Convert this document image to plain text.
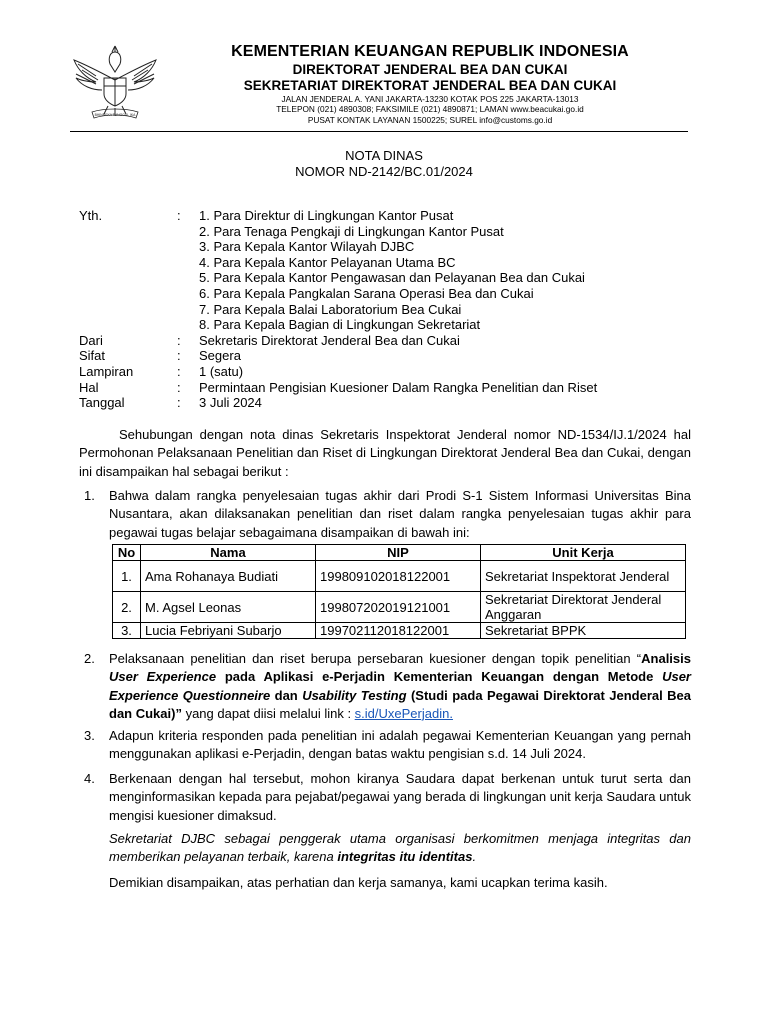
BHINNEKA TUNGGAL IKA
KEMENTERIAN KEUANGAN REPUBLIK INDONESIA
DIREKTORAT JENDERAL BEA DAN CUKAI
SEKRETARIAT DIREKTORAT JENDERAL BEA DAN CUKAI
JALAN JENDERAL A. YANI JAKARTA-13230 KOTAK POS 225 JAKARTA-13013
TELEPON (021) 4890308; FAKSIMILE (021) 4890871; LAMAN www.beacukai.go.id
PUSAT KONTAK LAYANAN 1500225; SUREL info@customs.go.id
NOTA DINAS
NOMOR ND-2142/BC.01/2024
Yth.	:	1. Para Direktur di Lingkungan Kantor Pusat
2. Para Tenaga Pengkaji di Lingkungan Kantor Pusat
3. Para Kepala Kantor Wilayah DJBC
4. Para Kepala Kantor Pelayanan Utama BC
5. Para Kepala Kantor Pengawasan dan Pelayanan Bea dan Cukai
6. Para Kepala Pangkalan Sarana Operasi Bea dan Cukai
7. Para Kepala Balai Laboratorium Bea Cukai
8. Para Kepala Bagian di Lingkungan Sekretariat
Dari	:	Sekretaris Direktorat Jenderal Bea dan Cukai
Sifat	:	Segera
Lampiran	:	1 (satu)
Hal	:	Permintaan Pengisian Kuesioner Dalam Rangka Penelitian dan Riset
Tanggal	:	3 Juli 2024
Sehubungan dengan nota dinas Sekretaris Inspektorat Jenderal nomor ND-1534/IJ.1/2024 hal Permohonan Pelaksanaan Penelitian dan Riset di Lingkungan Direktorat Jenderal Bea dan Cukai, dengan ini disampaikan hal sebagai berikut :
1.	Bahwa dalam rangka penyelesaian tugas akhir dari Prodi S-1 Sistem Informasi Universitas Bina Nusantara, akan dilaksanakan penelitian dan riset dalam rangka penyelesaian tugas akhir para pegawai tugas belajar sebagaimana disampaikan di bawah ini:
No	Nama	NIP	Unit Kerja
1.	Ama Rohanaya Budiati	199809102018122001	Sekretariat Inspektorat Jenderal
2.	M. Agsel Leonas	199807202019121001	Sekretariat Direktorat Jenderal Anggaran
3.	Lucia Febriyani Subarjo	199702112018122001	Sekretariat BPPK
2.	Pelaksanaan penelitian dan riset berupa persebaran kuesioner dengan topik penelitian “Analisis User Experience pada Aplikasi e-Perjadin Kementerian Keuangan dengan Metode User Experience Questionneire dan Usability Testing (Studi pada Pegawai Direktorat Jenderal Bea dan Cukai)” yang dapat diisi melalui link : s.id/UxePerjadin.
3.	Adapun kriteria responden pada penelitian ini adalah pegawai Kementerian Keuangan yang pernah menggunakan aplikasi e-Perjadin, dengan batas waktu pengisian s.d. 14 Juli 2024.
4.	Berkenaan dengan hal tersebut, mohon kiranya Saudara dapat berkenan untuk turut serta dan menginformasikan kepada para pejabat/pegawai yang berada di lingkungan unit kerja Saudara untuk mengisi kuesioner dimaksud.
Sekretariat DJBC sebagai penggerak utama organisasi berkomitmen menjaga integritas dan memberikan pelayanan terbaik, karena integritas itu identitas.
Demikian disampaikan, atas perhatian dan kerja samanya, kami ucapkan terima kasih.
